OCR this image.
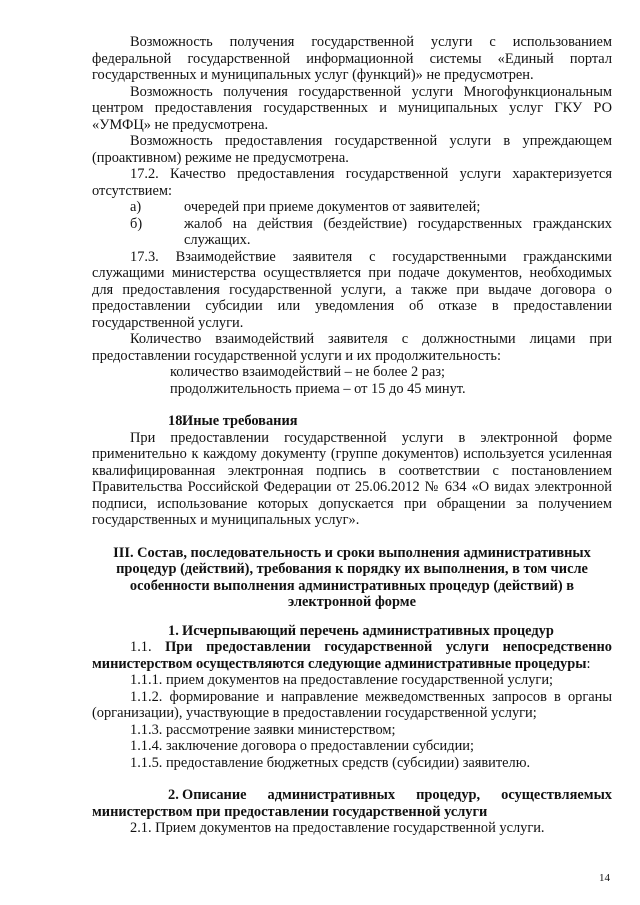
Возможность получения государственной услуги с использованием федеральной государственной информационной системы «Единый портал государственных и муниципальных услуг (функций)» не предусмотрен.

Возможность получения государственной услуги Многофункциональным центром предоставления государственных и муниципальных услуг ГКУ РО «УМФЦ» не предусмотрена.

Возможность предоставления государственной услуги в упреждающем (проактивном) режиме не предусмотрена.

17.2. Качество предоставления государственной услуги характеризуется отсутствием:

а)	очередей при приеме документов от заявителей;
б)	жалоб на действия (бездействие) государственных гражданских служащих.

17.3. Взаимодействие заявителя с государственными гражданскими служащими министерства осуществляется при подаче документов, необходимых для предоставления государственной услуги, а также при выдаче договора о предоставлении субсидии или уведомления об отказе в предоставлении государственной услуги.

Количество взаимодействий заявителя с должностными лицами при предоставлении государственной услуги и их продолжительность:

количество взаимодействий – не более 2 раз;

продолжительность приема – от 15 до 45 минут.

18.Иные требования

При предоставлении государственной услуги в электронной форме применительно к каждому документу (группе документов) используется усиленная квалифицированная электронная подпись в соответствии с постановлением Правительства Российской Федерации от 25.06.2012 № 634 «О видах электронной подписи, использование которых допускается при обращении за получением государственных и муниципальных услуг».

III. Состав, последовательность и сроки выполнения административных процедур (действий), требования к порядку их выполнения, в том числе особенности выполнения административных процедур (действий) в электронной форме

1. Исчерпывающий перечень административных процедур

1.1. При предоставлении государственной услуги непосредственно министерством осуществляются следующие административные процедуры:

1.1.1. прием документов на предоставление государственной услуги;

1.1.2. формирование и направление межведомственных запросов в органы (организации), участвующие в предоставлении государственной услуги;

1.1.3. рассмотрение заявки министерством;

1.1.4. заключение договора о предоставлении субсидии;

1.1.5. предоставление бюджетных средств (субсидии) заявителю.

2. Описание административных процедур, осуществляемых министерством при предоставлении государственной услуги

2.1. Прием документов на предоставление государственной услуги.

14
